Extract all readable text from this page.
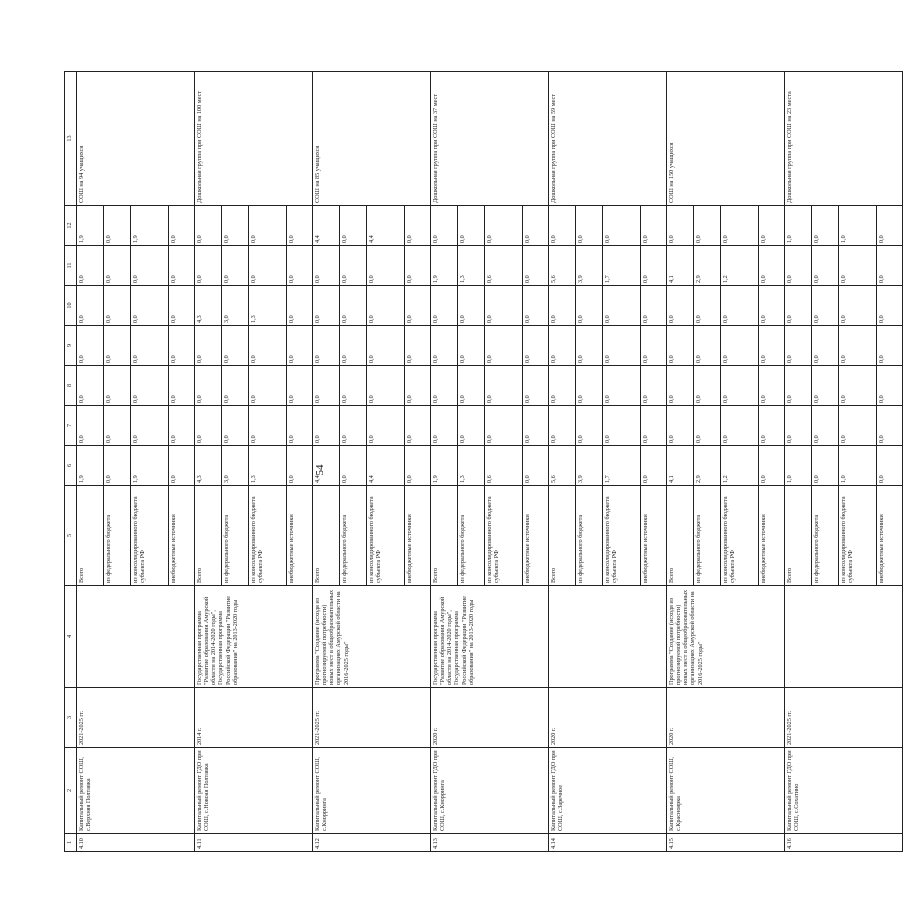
54
1	2	3	4	5	6	7	8	9	10	11	12	13
4.10	Капитальный ремонт СОШ, с.Верхняя Полтавка	2021-2025 гг.		Всего	1,9	0,0	0,0	0,0	0,0	0,0	1,9	СОШ на 94 учащихся
				из федерального бюджета	0,0	0,0	0,0	0,0	0,0	0,0	0,0	
				из консолидированного бюджета субъекта РФ	1,9	0,0	0,0	0,0	0,0	0,0	1,9	
				внебюджетные источники	0,0	0,0	0,0	0,0	0,0	0,0	0,0	
4.11	Капитальный ремонт ГДО при СОШ, с.Новоая Полтавка	2014 г.	Государственная программа "Развитие образования Амурской области на 2014-2020 годы", Государственная программа Российской Федерации "Развитие образования" на 2013-2020 годы	Всего	4,3	0,0	0,0	0,0	4,3	0,0	0,0	Дошкольная группа при СОШ на 100 мест
				из федерального бюджета	3,0	0,0	0,0	0,0	3,0	0,0	0,0	
				из консолидированного бюджета субъекта РФ	1,3	0,0	0,0	0,0	1,3	0,0	0,0	
				внебюджетные источники	0,0	0,0	0,0	0,0	0,0	0,0	0,0	
4.12	Капитальный ремонт СОШ, с.Кнорринга	2021-2025 гг.	Программа "Создание (исходя из прогнозируемой потребности) новых мест в общеобразовательных организациях Амурской области на 2016-2025 годы"	Всего	4,4	0,0	0,0	0,0	0,0	0,0	4,4	СОШ на 85 учащихся
				из федерального бюджета	0,0	0,0	0,0	0,0	0,0	0,0	0,0	
				из консолидированного бюджета субъекта РФ	4,4	0,0	0,0	0,0	0,0	0,0	4,4	
				внебюджетные источники	0,0	0,0	0,0	0,0	0,0	0,0	0,0	
4.13	Капитальный ремонт ГДО при СОШ, с.Кнорринга	2020 г.	Государственная программа "Развитие образования Амурской области на 2014-2020 годы", Государственная программа Российской Федерации "Развитие образования" на 2013-2020 годы	Всего	1,9	0,0	0,0	0,0	0,0	1,9	0,0	Дошкольная группа при СОШ на 37 мест
				из федерального бюджета	1,3	0,0	0,0	0,0	0,0	1,3	0,0	
				из консолидированного бюджета субъекта РФ	0,6	0,0	0,0	0,0	0,0	0,6	0,0	
				внебюджетные источники	0,0	0,0	0,0	0,0	0,0	0,0	0,0	
4.14	Капитальный ремонт ГДО при СОШ, с.Заречное	2020 г.		Всего	5,6	0,0	0,0	0,0	0,0	5,6	0,0	Дошкольная группа при СОШ на 59 мест
				из федерального бюджета	3,9	0,0	0,0	0,0	0,0	3,9	0,0	
				из консолидированного бюджета субъекта РФ	1,7	0,0	0,0	0,0	0,0	1,7	0,0	
				внебюджетные источники	0,0	0,0	0,0	0,0	0,0	0,0	0,0	
4.15	Капитальный ремонт СОШ, с.Красноярка	2020 г.	Программа "Создание (исходя из прогнозируемой потребности) новых мест в общеобразовательных организациях Амурской области на 2016-2025 годы"	Всего	4,1	0,0	0,0	0,0	0,0	4,1	0,0	СОШ на 150 учащихся
				из федерального бюджета	2,9	0,0	0,0	0,0	0,0	2,9	0,0	
				из консолидированного бюджета субъекта РФ	1,2	0,0	0,0	0,0	0,0	1,2	0,0	
				внебюджетные источники	0,0	0,0	0,0	0,0	0,0	0,0	0,0	
4.16	Капитальный ремонт ГДО при СОШ, с.Сохатино	2021-2025 гг.		Всего	1,0	0,0	0,0	0,0	0,0	0,0	1,0	Дошкольная группа при СОШ на 23 места
				из федерального бюджета	0,0	0,0	0,0	0,0	0,0	0,0	0,0	
				из консолидированного бюджета субъекта РФ	1,0	0,0	0,0	0,0	0,0	0,0	1,0	
				внебюджетные источники	0,0	0,0	0,0	0,0	0,0	0,0	0,0	
